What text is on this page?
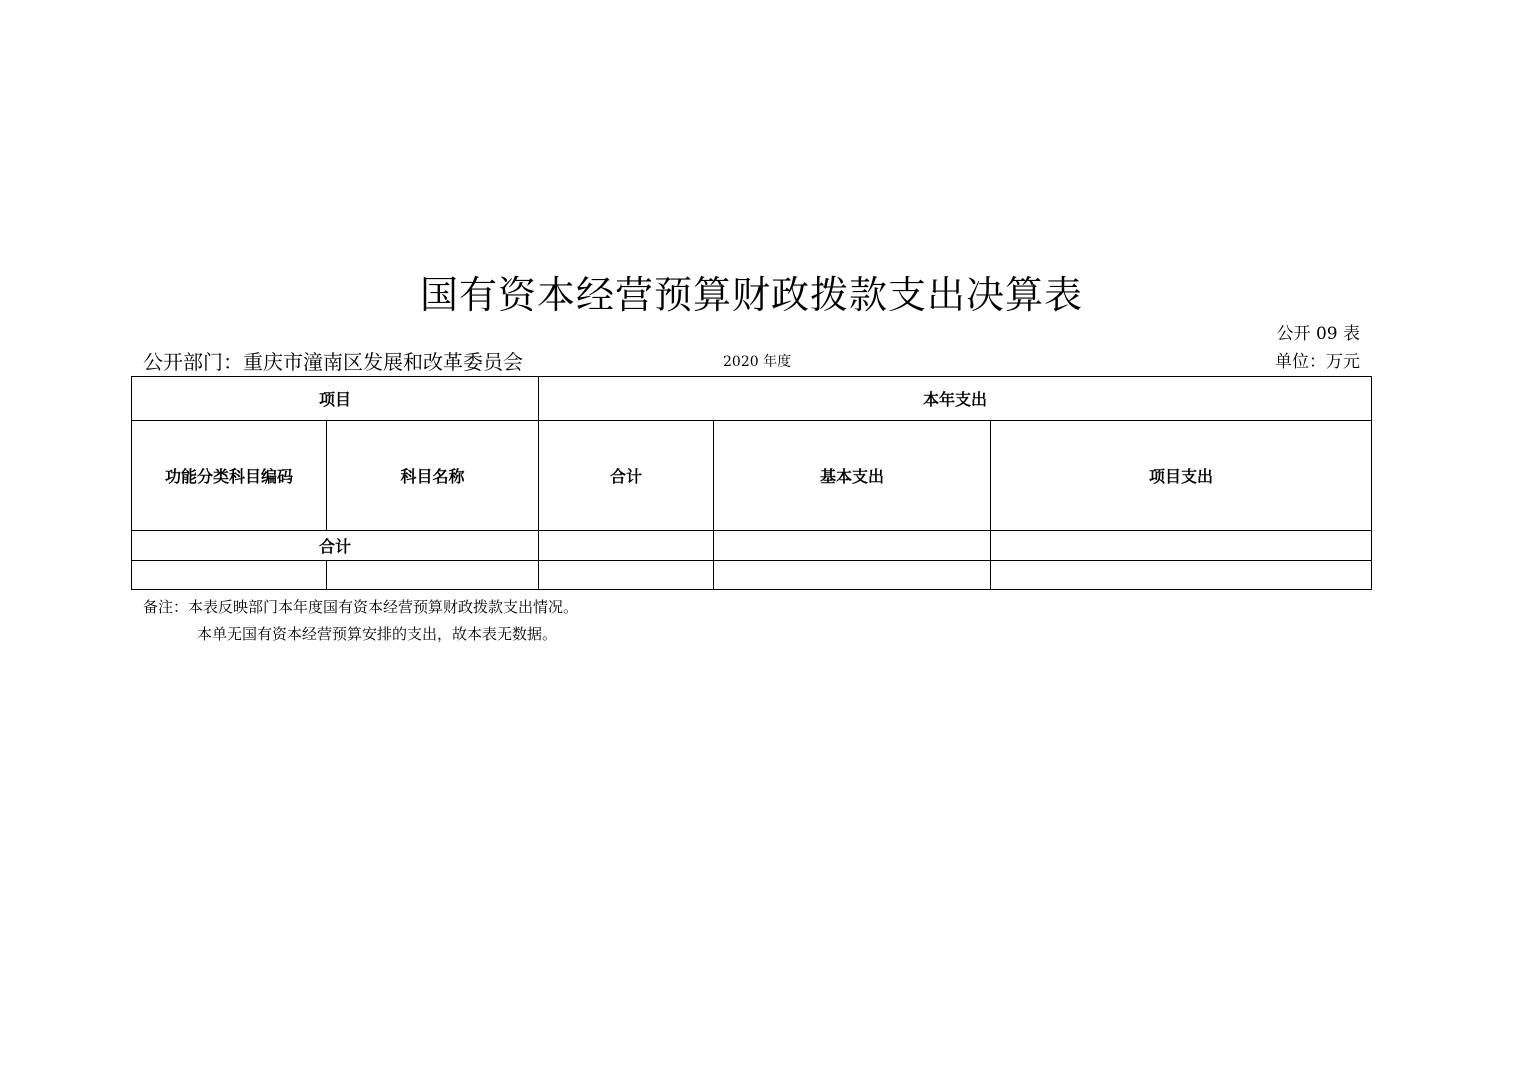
国有资本经营预算财政拨款支出决算表
公开 09 表
公开部门：重庆市潼南区发展和改革委员会	2020 年度	单位：万元
项目		本年支出		
功能分类科目编码	科目名称	合计	基本支出	项目支出
合计				

备注：本表反映部门本年度国有资本经营预算财政拨款支出情况。
本单无国有资本经营预算安排的支出，故本表无数据。
